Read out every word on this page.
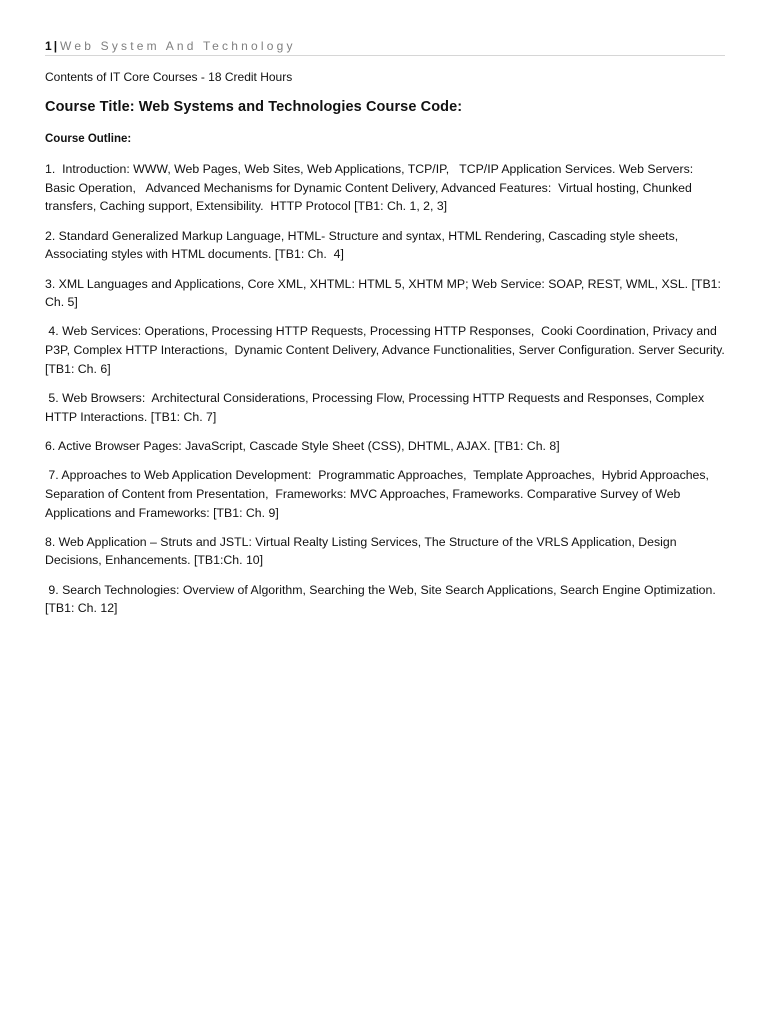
1 | Web System And Technology
Contents of IT Core Courses - 18 Credit Hours
Course Title: Web Systems and Technologies Course Code:
Course Outline:

1.  Introduction: WWW, Web Pages, Web Sites, Web Applications, TCP/IP,   TCP/IP Application Services. Web Servers:  Basic Operation,   Advanced Mechanisms for Dynamic Content Delivery, Advanced Features:  Virtual hosting, Chunked transfers, Caching support, Extensibility.  HTTP Protocol [TB1: Ch. 1, 2, 3]

2. Standard Generalized Markup Language, HTML- Structure and syntax, HTML Rendering, Cascading style sheets, Associating styles with HTML documents. [TB1: Ch.  4]

3. XML Languages and Applications, Core XML, XHTML: HTML 5, XHTM MP; Web Service: SOAP, REST, WML, XSL. [TB1: Ch. 5]

4. Web Services: Operations, Processing HTTP Requests, Processing HTTP Responses,  Cooki Coordination, Privacy and P3P, Complex HTTP Interactions,  Dynamic Content Delivery, Advance Functionalities, Server Configuration. Server Security. [TB1: Ch. 6]

5. Web Browsers:  Architectural Considerations, Processing Flow, Processing HTTP Requests and Responses, Complex HTTP Interactions. [TB1: Ch. 7]

6. Active Browser Pages: JavaScript, Cascade Style Sheet (CSS), DHTML, AJAX. [TB1: Ch. 8]

7. Approaches to Web Application Development:  Programmatic Approaches,  Template Approaches,  Hybrid Approaches,  Separation of Content from Presentation,  Frameworks: MVC Approaches, Frameworks. Comparative Survey of Web Applications and Frameworks: [TB1: Ch. 9]

8. Web Application – Struts and JSTL: Virtual Realty Listing Services, The Structure of the VRLS Application, Design Decisions, Enhancements. [TB1:Ch. 10]

9. Search Technologies: Overview of Algorithm, Searching the Web, Site Search Applications, Search Engine Optimization. [TB1: Ch. 12]
